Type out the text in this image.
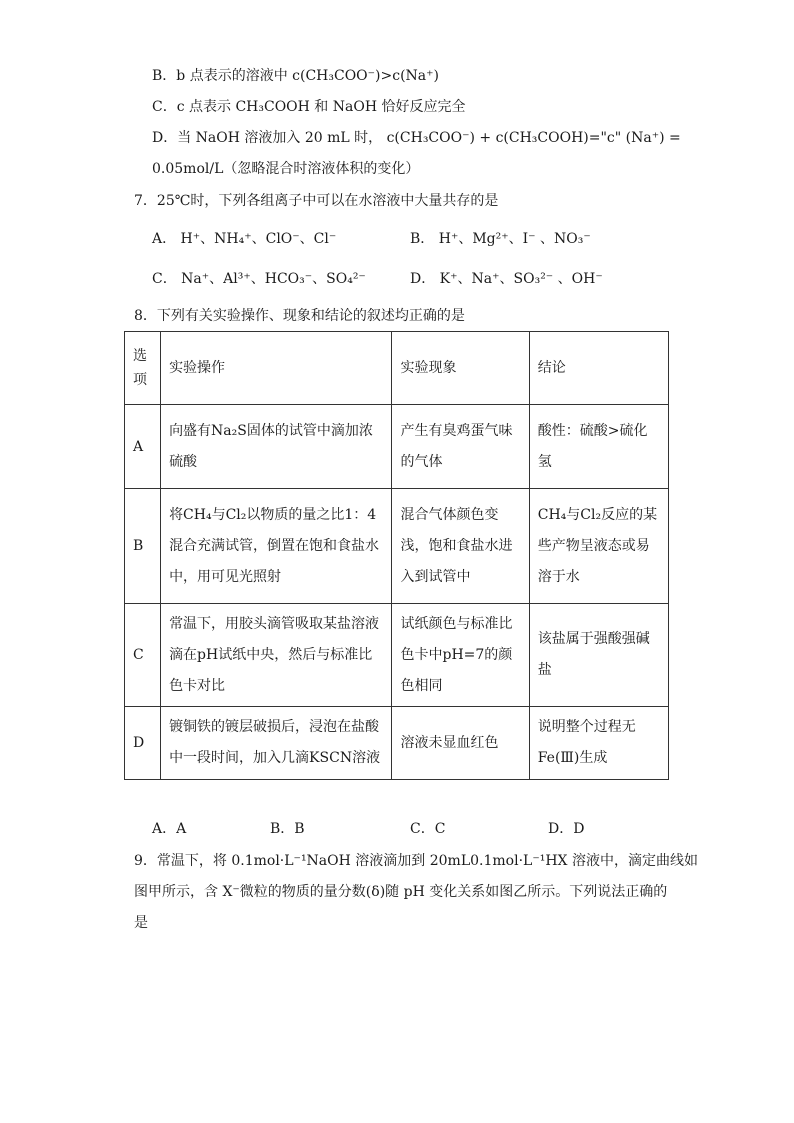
B．b 点表示的溶液中 c(CH₃COO⁻)>c(Na⁺)
C．c 点表示 CH₃COOH 和 NaOH 恰好反应完全
D．当 NaOH 溶液加入 20 mL 时， c(CH₃COO⁻) + c(CH₃COOH)="c" (Na⁺) =
0.05mol/L（忽略混合时溶液体积的变化）
7．25℃时，下列各组离子中可以在水溶液中大量共存的是
A． H⁺、NH₄⁺、ClO⁻、Cl⁻	B． H⁺、Mg²⁺、I⁻ 、NO₃⁻
C． Na⁺、Al³⁺、HCO₃⁻、SO₄²⁻	D． K⁺、Na⁺、SO₃²⁻ 、OH⁻
8．下列有关实验操作、现象和结论的叙述均正确的是
选项	实验操作	实验现象	结论
A	向盛有Na₂S固体的试管中滴加浓硫酸	产生有臭鸡蛋气味的气体	酸性：硫酸>硫化氢
B	将CH₄与Cl₂以物质的量之比1：4混合充满试管，倒置在饱和食盐水中，用可见光照射	混合气体颜色变浅，饱和食盐水进入到试管中	CH₄与Cl₂反应的某些产物呈液态或易溶于水
C	常温下，用胶头滴管吸取某盐溶液滴在pH试纸中央，然后与标准比色卡对比	试纸颜色与标准比色卡中pH=7的颜色相同	该盐属于强酸强碱盐
D	镀铜铁的镀层破损后，浸泡在盐酸中一段时间，加入几滴KSCN溶液	溶液未显血红色	说明整个过程无Fe(Ⅲ)生成
A．A	B．B	C．C	D．D
9．常温下，将 0.1mol·L⁻¹NaOH 溶液滴加到 20mL0.1mol·L⁻¹HX 溶液中，滴定曲线如
图甲所示，含 X⁻微粒的物质的量分数(δ)随 pH 变化关系如图乙所示。下列说法正确的
是
